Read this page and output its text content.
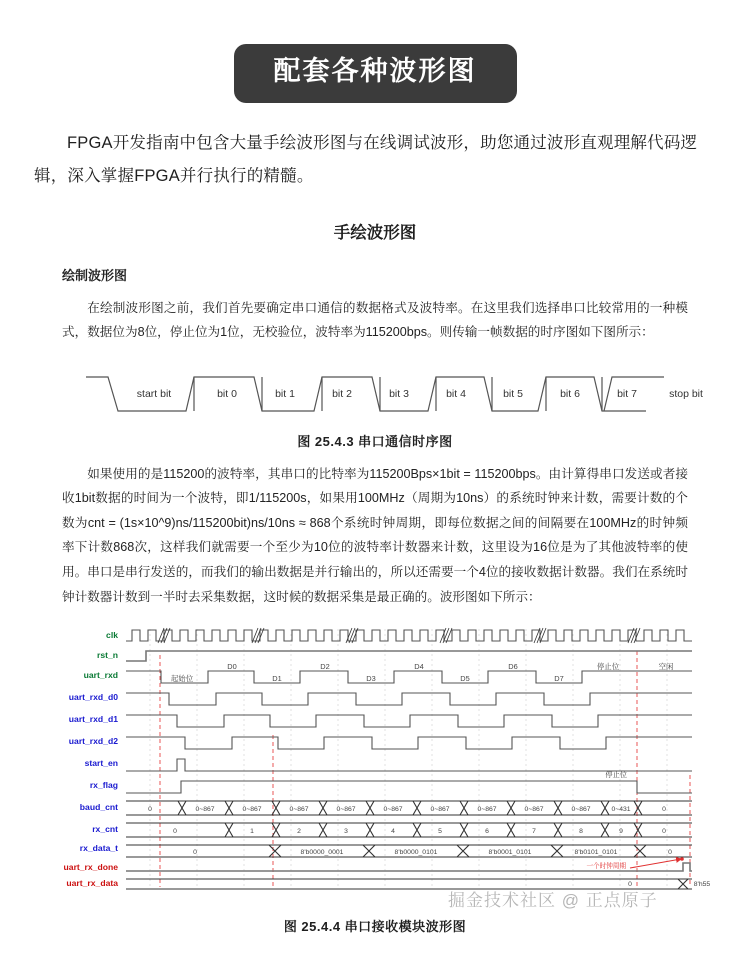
配套各种波形图

FPGA开发指南中包含大量手绘波形图与在线调试波形，助您通过波形直观理解代码逻辑，深入掌握FPGA并行执行的精髓。

手绘波形图
绘制波形图

在绘制波形图之前，我们首先要确定串口通信的数据格式及波特率。在这里我们选择串口比较常用的一种模式，数据位为8位，停止位为1位，无校验位，波特率为115200bps。则传输一帧数据的时序图如下图所示：

start bit	bit 0	bit 1	bit 2	bit 3	bit 4	bit 5	bit 6	bit 7	stop bit
图 25.4.3 串口通信时序图

如果使用的是115200的波特率，其串口的比特率为115200Bps×1bit = 115200bps。由计算得串口发送或者接收1bit数据的时间为一个波特，即1/115200s，如果用100MHz（周期为10ns）的系统时钟来计数，需要计数的个数为cnt = (1s×10^9)ns/115200bit)ns/10ns ≈ 868个系统时钟周期，即每位数据之间的间隔要在100MHz的时钟频率下计数868次，这样我们就需要一个至少为10位的波特率计数器来计数，这里设为16位是为了其他波特率的使用。串口是串行发送的，而我们的输出数据是并行输出的，所以还需要一个4位的接收数据计数器。我们在系统时钟计数器计数到一半时去采集数据，这时候的数据采集是最正确的。波形图如下所示：

clk
rst_n
uart_rxd
uart_rxd_d0
uart_rxd_d1
uart_rxd_d2
start_en
rx_flag
baud_cnt
rx_cnt
rx_data_t
uart_rx_done
uart_rx_data
起始位
D0
D1
D2
D3
D4
D5
D6
D7
停止位	空闲
停止位
0	0~867	0~867	0~867	0~867	0~867	0~867	0~867	0~867	0~867	0~431	0
0	1	2	3	4	5	6	7	8	9	0
0	8'b0000_0001	8'b0000_0101	8'b0001_0101	8'b0101_0101	0
一个时钟周期
0	8'h55
掘金技术社区 @ 正点原子
图 25.4.4 串口接收模块波形图
